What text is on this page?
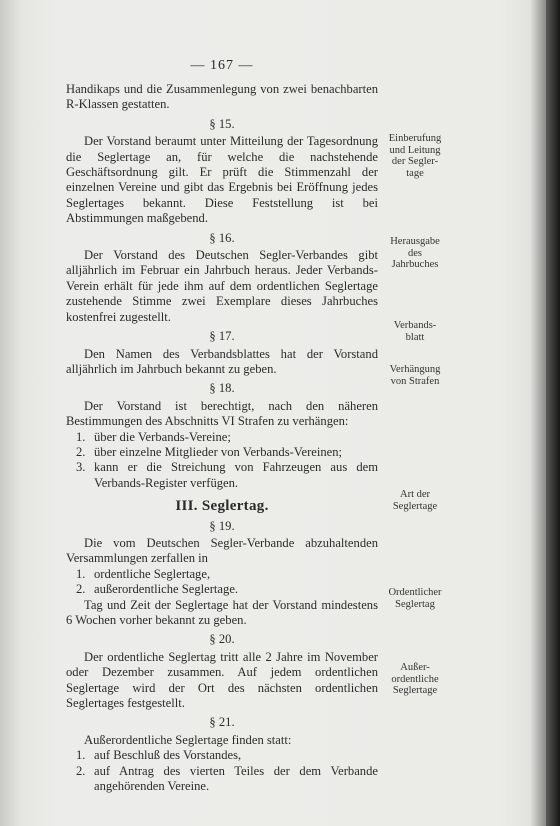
— 167 —

Handikaps und die Zusammenlegung von zwei benachbarten R-Klassen gestatten.

§ 15.

Der Vorstand beraumt unter Mitteilung der Tagesordnung die Seglertage an, für welche die nachstehende Geschäftsordnung gilt. Er prüft die Stimmenzahl der einzelnen Vereine und gibt das Ergebnis bei Eröffnung jedes Seglertages bekannt. Diese Feststellung ist bei Abstimmungen maßgebend.

§ 16.

Der Vorstand des Deutschen Segler-Verbandes gibt alljährlich im Februar ein Jahrbuch heraus. Jeder Verbands-Verein erhält für jede ihm auf dem ordentlichen Seglertage zustehende Stimme zwei Exemplare dieses Jahrbuches kostenfrei zugestellt.

§ 17.

Den Namen des Verbandsblattes hat der Vorstand alljährlich im Jahrbuch bekannt zu geben.

§ 18.

Der Vorstand ist berechtigt, nach den näheren Bestimmungen des Abschnitts VI Strafen zu verhängen:

1. über die Verbands-Vereine;
2. über einzelne Mitglieder von Verbands-Vereinen;
3. kann er die Streichung von Fahrzeugen aus dem Verbands-Register verfügen.

III. Seglertag.

§ 19.

Die vom Deutschen Segler-Verbande abzuhaltenden Versammlungen zerfallen in

1. ordentliche Seglertage,
2. außerordentliche Seglertage.

Tag und Zeit der Seglertage hat der Vorstand mindestens 6 Wochen vorher bekannt zu geben.

§ 20.

Der ordentliche Seglertag tritt alle 2 Jahre im November oder Dezember zusammen. Auf jedem ordentlichen Seglertage wird der Ort des nächsten ordentlichen Seglertages festgestellt.

§ 21.

Außerordentliche Seglertage finden statt:

1. auf Beschluß des Vorstandes,
2. auf Antrag des vierten Teiles der dem Verbande angehörenden Vereine.
Einberufung
und Leitung
der Segler-
tage
Herausgabe
des
Jahrbuches
Verbands-
blatt
Verhängung
von Strafen
Art der
Seglertage
Ordentlicher
Seglertag
Außer-
ordentliche
Seglertage
